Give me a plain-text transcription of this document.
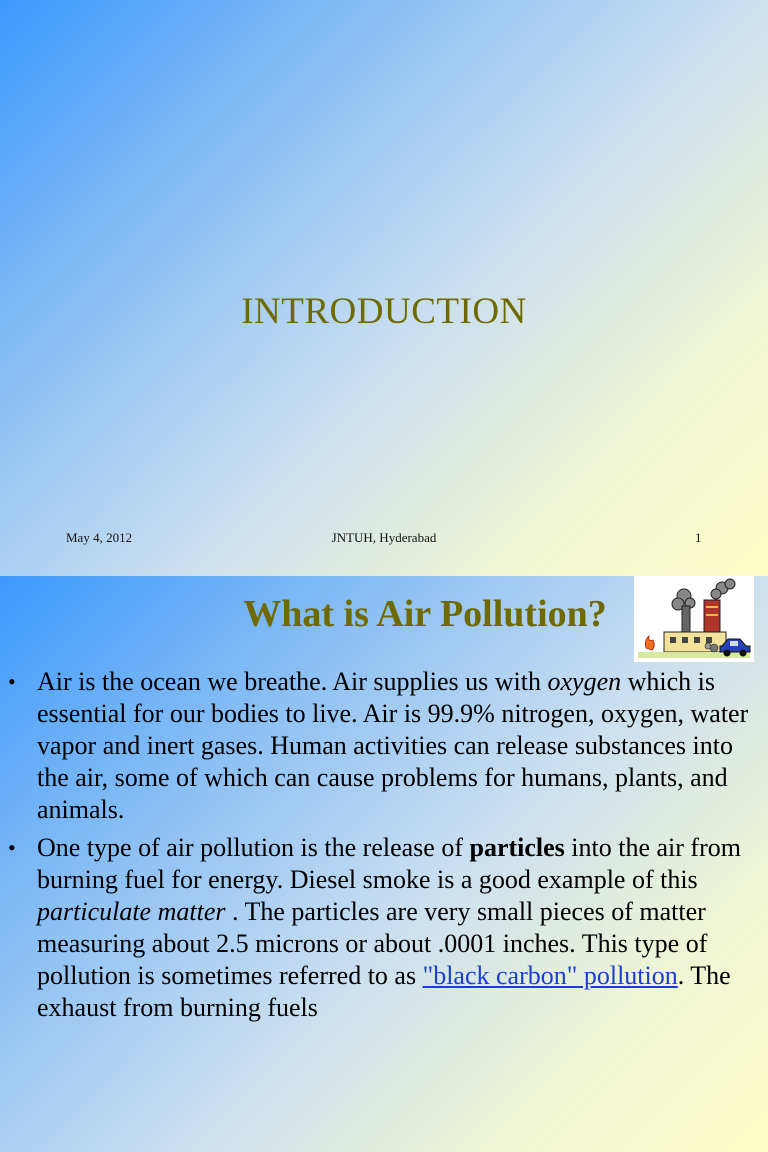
INTRODUCTION
May 4, 2012	JNTUH, Hyderabad	1
What is Air Pollution?
• Air is the ocean we breathe. Air supplies us with oxygen which is essential for our bodies to live. Air is 99.9% nitrogen, oxygen, water vapor and inert gases. Human activities can release substances into the air, some of which can cause problems for humans, plants, and animals.
• One type of air pollution is the release of particles into the air from burning fuel for energy. Diesel smoke is a good example of this particulate matter . The particles are very small pieces of matter measuring about 2.5 microns or about .0001 inches. This type of pollution is sometimes referred to as "black carbon" pollution. The exhaust from burning fuels
